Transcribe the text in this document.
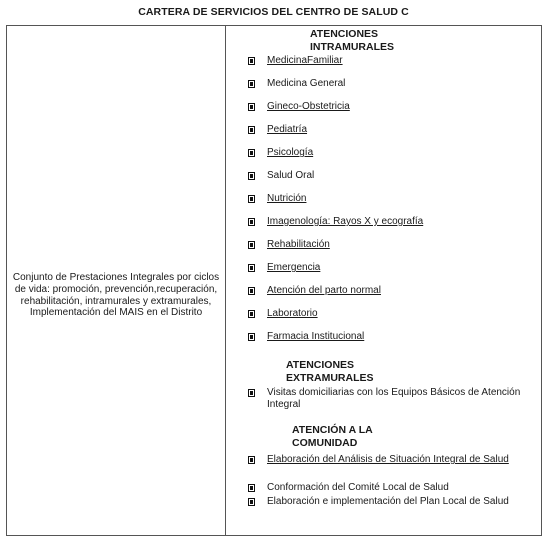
CARTERA DE SERVICIOS DEL CENTRO DE SALUD C
Conjunto de Prestaciones Integrales por ciclos de vida: promoción, prevención,recuperación, rehabilitación, intramurales y extramurales, Implementación del MAIS en el Distrito
ATENCIONES
INTRAMURALES
MedicinaFamiliar
Medicina General
Gineco-Obstetricia
Pediatría
Psicología
Salud Oral
Nutrición
Imagenología: Rayos X y ecografía
Rehabilitación
Emergencia
Atención del parto normal
Laboratorio
Farmacia Institucional
ATENCIONES
EXTRAMURALES
Visitas domiciliarias con los Equipos Básicos de Atención Integral
ATENCIÓN A LA
COMUNIDAD
Elaboración del Análisis de Situación Integral de Salud
Conformación del Comité Local de Salud
Elaboración e implementación del Plan Local de Salud
